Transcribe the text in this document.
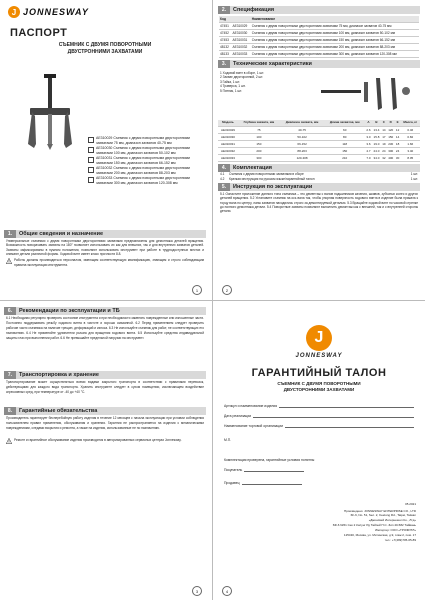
J JONNESWAY
ПАСПОРТ
СЪЕМНИК С ДВУМЯ ПОВОРОТНЫМИ
ДВУСТРОННИМИ ЗАХВАТАМИ
AE310029 Съемник с двумя поворотными двусторонними захватами 75 мм, диапазон захватов 40-75 мм
AE310030 Съемник с двумя поворотными двусторонними захватами 100 мм, диапазон захватов 50-102 мм
AE310031 Съемник с двумя поворотными двусторонними захватами 150 мм, диапазон захватов 66-152 мм
AE310032 Съемник с двумя поворотными двусторонними захватами 200 мм, диапазон захватов 88-203 мм
AE310033 Съемник с двумя поворотными двусторонними захватами 300 мм, диапазон захватов 120-308 мм
1.	Общие сведения и назначение
Универсальные съемники с двумя поворотными двусторонними захватами предназначены для демонтажа деталей вращения. Возможность поворачивать захваты на 180° позволяет использовать их как для внешних, так и для внутренних захватов деталей. Захваты зафиксированы в нужном положении, позволяют использовать инструмент при работе в труднодоступных местах и снимают детали различной формы. Ходовой винт имеет класс прочности 8.8.
Работы должны производиться персоналом, имеющим соответствующую квалификацию, знающим и строго соблюдающим правила эксплуатации инструмента.
1
2.	Спецификация
Код		Наименование
47451	AE310029	Съемник с двумя поворотными двусторонними захватами 75 мм, диапазон захватов 40-75 мм
47452	AE310030	Съемник с двумя поворотными двусторонними захватами 100 мм, диапазон захватов 50-102 мм
47453	AE310031	Съемник с двумя поворотными двусторонними захватами 150 мм, диапазон захватов 66-152 мм
48132	AE310032	Съемник с двумя поворотными двусторонними захватами 200 мм, диапазон захватов 88-203 мм
48133	AE310033	Съемник с двумя поворотными двусторонними захватами 300 мм, диапазон захватов 120-308 мм
3.	Технические характеристики
1 Ходовой винт в сборе, 1 шт.
2 Захват двусторонний, 2 шт.
3 Гайка, 1 шт.
4 Траверса, 1 шт.
5 Пятник, 1 шт.
Модель	Глубина захвата, мм	Диапазон захвата, мм	Длина захватов, мм	A	B	C	D	E	Масса, кг
AE310029	75	40-75	60	2.6	13.4	14	120	12	0.46
AE310030	100	50-102	80	3.0	15.8	17	150	14	0.82
AE310031	150	66-152	118	3.6	19.0	19	230	18	1.66
AE310032	200	88-203	150	4.7	24.0	24	300	24	3.40
AE310033	300	120-308	210	7.0	34.0	32	400	30	8.05
4.	Комплектация
4.1	Съемник с двумя поворотными захватами в сборе	1 шт.
4.2	Краткая инструкция на русском языке/гарантийный талон	1 шт.
5.	Инструкция по эксплуатации
5.1 Оснастите приложение данного типа съемника – это дементаж с валов подшипников качения, шкивов, зубчатых колес и других деталей вращения. 5.2 Установите съемник на ось вала так, чтобы упорная поверхность ходового винта в изделие была прижата к торцу вала по центру, лапы захватов находились строго за демонтируемой деталью. 5.3 Вращайте ходовой винт по часовой стрелке до полного демонтажа детали. 5.4 Поворотные захваты позволяют выполнить демонтаж как с внешней, так и с внутренней стороны детали.
2
6.	Рекомендации по эксплуатации и ТБ
6.1 Необходимо регулярно проверять состояние инструмента и при необходимости заменять поврежденные или изношенные части. Постоянно поддерживать резьбу ходового винта в чистоте и хорошо смазанной. 6.2 Перед применением следует проверить рабочие части съемника на наличие трещин, деформаций и износа. 6.3 Не используйте съемник для работ, не соответствующих его назначению. 6.4 Не применяйте удлинители рычага для вращения ходового винта. 6.5 Используйте средства индивидуальной защиты глаз при выполнении работ. 6.6 Не превышайте предельной нагрузки на инструмент.
7.	Транспортировка и хранение
Транспортирование может осуществляться всеми видами закрытого транспорта в соответствии с правилами перевозок, действующими для каждого вида транспорта. Хранить инструмент следует в сухом помещении, исключающем воздействие агрессивных сред, при температуре от -40 до +40 °С.
8.	Гарантийные обязательства
Производитель гарантирует бесперебойную работу изделия в течение 12 месяцев с начала эксплуатации при условии соблюдения пользователем правил применения, обслуживания и хранения. Гарантия не распространяется на изделия с механическими повреждениями, следами вскрытия и ремонта, а также на изделия, использованные не по назначению.
Ремонт и гарантийное обслуживание изделия производится в авторизированных сервисных центрах Jonnesway.
3
J
JONNESWAY
ГАРАНТИЙНЫЙ ТАЛОН
СЪЕМНИК С ДВУМЯ ПОВОРОТНЫМИ
ДВУСТОРОННИМИ ЗАХВАТАМИ
Артикул и наименование изделия
Дата реализации
Наименование торговой организации
М.П.
Комплектация проверена, гарантийные условия понятны
Покупатель
Продавец
05.2021
Произведено: JONNESWAY ENTERPRISE CO., LTD
6F-6, No. 51, Sec. 2, Keelung Rd., Taipei, Taiwan
«Джонсвей Интернешнл Ко., Лтд»
6Ф-6 №51 Сек 2 Килунг Рд Тайпей П.С. Зип 40-582 Тайвань
Импортер: ООО «ТРОФИТЛ»
125430, Москва, ул. Митинская, д.9, этаж 2, пом. 17
тел.: +7(499)705-65-89
4
